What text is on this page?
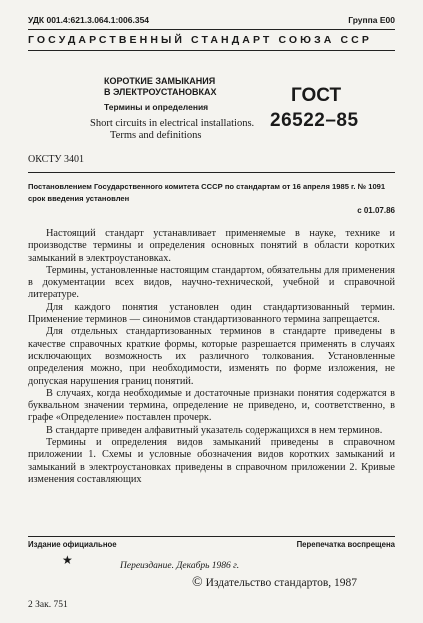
УДК 001.4:621.3.064.1:006.354	Группа Е00
ГОСУДАРСТВЕННЫЙ СТАНДАРТ СОЮЗА ССР
КОРОТКИЕ ЗАМЫКАНИЯ
В ЭЛЕКТРОУСТАНОВКАХ
Термины и определения
Short circuits in electrical installations.
Terms and definitions
ГОСТ
26522–85
ОКСТУ 3401
Постановлением Государственного комитета СССР по стандартам от 16 апреля 1985 г. № 1091 срок введения установлен
с 01.07.86

Настоящий стандарт устанавливает применяемые в науке, технике и производстве термины и определения основных понятий в области коротких замыканий в электроустановках.

Термины, установленные настоящим стандартом, обязательны для применения в документации всех видов, научно-технической, учебной и справочной литературе.

Для каждого понятия установлен один стандартизованный термин. Применение терминов — синонимов стандартизованного термина запрещается.

Для отдельных стандартизованных терминов в стандарте приведены в качестве справочных краткие формы, которые разрешается применять в случаях исключающих возможность их различного толкования. Установленные определения можно, при необходимости, изменять по форме изложения, не допуская нарушения границ понятий.

В случаях, когда необходимые и достаточные признаки понятия содержатся в буквальном значении термина, определение не приведено, и, соответственно, в графе «Определение» поставлен прочерк.

В стандарте приведен алфавитный указатель содержащихся в нем терминов.

Термины и определения видов замыканий приведены в справочном приложении 1. Схемы и условные обозначения видов коротких замыканий и замыканий в электроустановках приведены в справочном приложении 2. Кривые изменения составляющих

Издание официальное	Перепечатка воспрещена
★	Переиздание. Декабрь 1986 г.
© Издательство стандартов, 1987
2 Зак. 751
